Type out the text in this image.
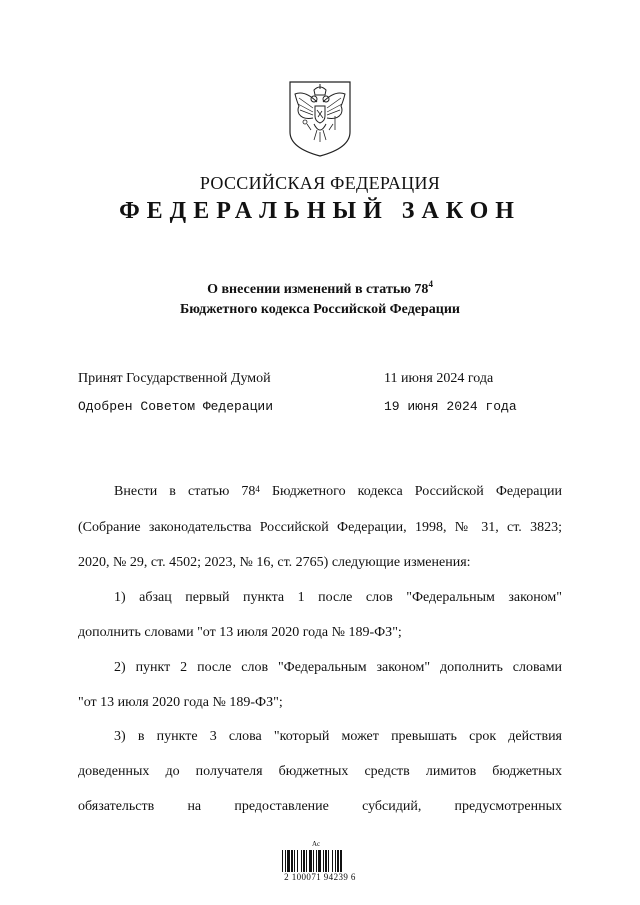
РОССИЙСКАЯ ФЕДЕРАЦИЯ
ФЕДЕРАЛЬНЫЙ ЗАКОН
О внесении изменений в статью $78^4$
Бюджетного кодекса Российской Федерации
Принят Государственной Думой	11 июня 2024 года
Одобрен Советом Федерации	19 июня 2024 года
Внести в статью $78^4$ Бюджетного кодекса Российской Федерации
(Собрание законодательства Российской Федерации, 1998, № 31, ст. 3823;
2020, № 29, ст. 4502; 2023, № 16, ст. 2765) следующие изменения:
1) абзац первый пункта 1 после слов "Федеральным законом"
дополнить словами "от 13 июля 2020 года № 189-ФЗ";
2) пункт 2 после слов "Федеральным законом" дополнить словами
"от 13 июля 2020 года № 189-ФЗ";
3) в пункте 3 слова "который может превышать срок действия
доведенных до получателя бюджетных средств лимитов бюджетных
обязательств на предоставление субсидий, предусмотренных
Ac
2 100071 94239 6
